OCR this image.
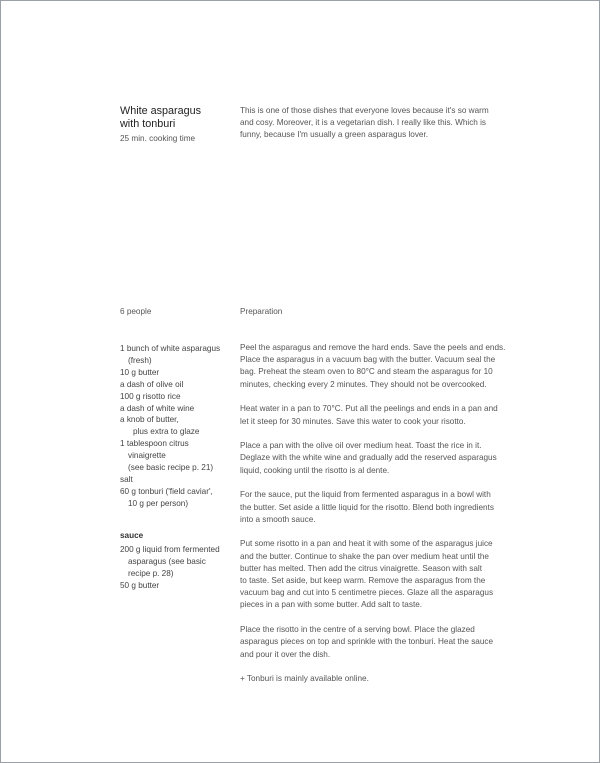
White asparagus
with tonburi
25 min. cooking time
This is one of those dishes that everyone loves because it's so warm
and cosy. Moreover, it is a vegetarian dish. I really like this. Which is
funny, because I'm usually a green asparagus lover.
6 people	Preparation
1 bunch of white asparagus
(fresh)
10 g butter
a dash of olive oil
100 g risotto rice
a dash of white wine
a knob of butter,
plus extra to glaze
1 tablespoon citrus
vinaigrette
(see basic recipe p. 21)
salt
60 g tonburi ('field caviar',
10 g per person)
sauce
200 g liquid from fermented
asparagus (see basic
recipe p. 28)
50 g butter
Peel the asparagus and remove the hard ends. Save the peels and ends.
Place the asparagus in a vacuum bag with the butter. Vacuum seal the
bag. Preheat the steam oven to 80°C and steam the asparagus for 10
minutes, checking every 2 minutes. They should not be overcooked.
Heat water in a pan to 70°C. Put all the peelings and ends in a pan and
let it steep for 30 minutes. Save this water to cook your risotto.
Place a pan with the olive oil over medium heat. Toast the rice in it.
Deglaze with the white wine and gradually add the reserved asparagus
liquid, cooking until the risotto is al dente.
For the sauce, put the liquid from fermented asparagus in a bowl with
the butter. Set aside a little liquid for the risotto. Blend both ingredients
into a smooth sauce.
Put some risotto in a pan and heat it with some of the asparagus juice
and the butter. Continue to shake the pan over medium heat until the
butter has melted. Then add the citrus vinaigrette. Season with salt
to taste. Set aside, but keep warm. Remove the asparagus from the
vacuum bag and cut into 5 centimetre pieces. Glaze all the asparagus
pieces in a pan with some butter. Add salt to taste.
Place the risotto in the centre of a serving bowl. Place the glazed
asparagus pieces on top and sprinkle with the tonburi. Heat the sauce
and pour it over the dish.
+ Tonburi is mainly available online.
